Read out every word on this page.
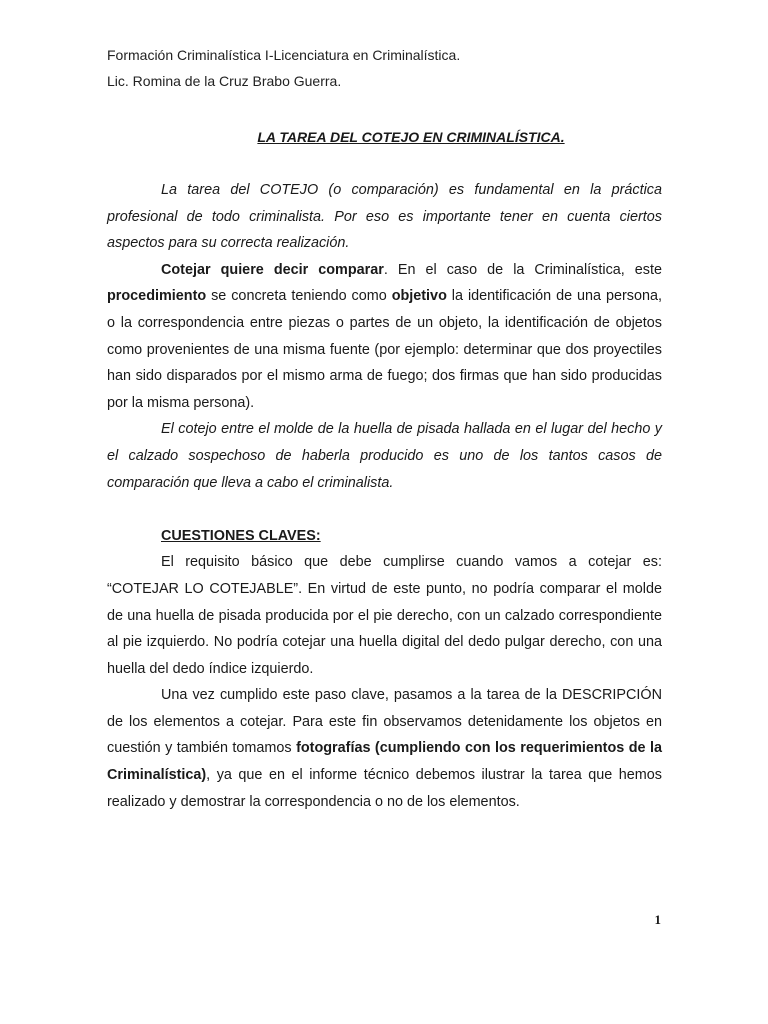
Formación Criminalística I-Licenciatura en Criminalística.
Lic. Romina de la Cruz Brabo Guerra.
LA TAREA DEL COTEJO EN CRIMINALÍSTICA.

La tarea del COTEJO (o comparación) es fundamental en la práctica profesional de todo criminalista. Por eso es importante tener en cuenta ciertos aspectos para su correcta realización.

Cotejar quiere decir comparar. En el caso de la Criminalística, este procedimiento se concreta teniendo como objetivo la identificación de una persona, o la correspondencia entre piezas o partes de un objeto, la identificación de objetos como provenientes de una misma fuente (por ejemplo: determinar que dos proyectiles han sido disparados por el mismo arma de fuego; dos firmas que han sido producidas por la misma persona).

El cotejo entre el molde de la huella de pisada hallada en el lugar del hecho y el calzado sospechoso de haberla producido es uno de los tantos casos de comparación que lleva a cabo el criminalista.

CUESTIONES CLAVES:

El requisito básico que debe cumplirse cuando vamos a cotejar es: “COTEJAR LO COTEJABLE”. En virtud de este punto, no podría comparar el molde de una huella de pisada producida por el pie derecho, con un calzado correspondiente al pie izquierdo. No podría cotejar una huella digital del dedo pulgar derecho, con una huella del dedo índice izquierdo.

Una vez cumplido este paso clave, pasamos a la tarea de la DESCRIPCIÓN de los elementos a cotejar. Para este fin observamos detenidamente los objetos en cuestión y también tomamos fotografías (cumpliendo con los requerimientos de la Criminalística), ya que en el informe técnico debemos ilustrar la tarea que hemos realizado y demostrar la correspondencia o no de los elementos.

1
